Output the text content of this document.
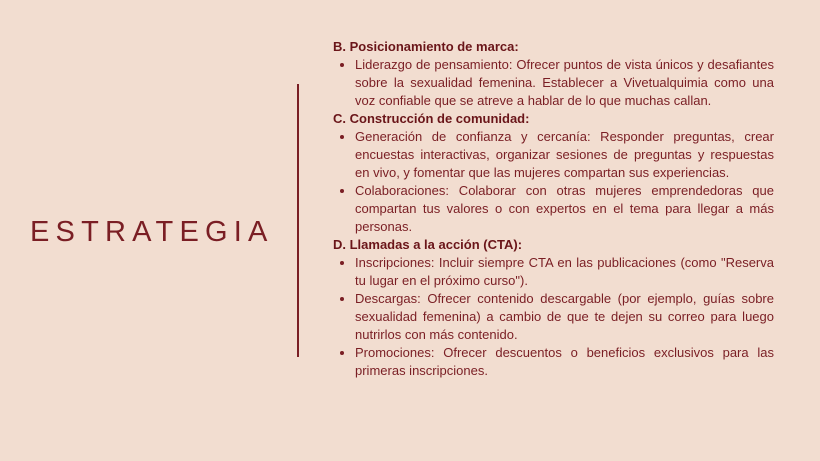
ESTRATEGIA
B. Posicionamiento de marca:
• Liderazgo de pensamiento: Ofrecer puntos de vista únicos y desafiantes sobre la sexualidad femenina. Establecer a Vivetualquimia como una voz confiable que se atreve a hablar de lo que muchas callan.
C. Construcción de comunidad:
• Generación de confianza y cercanía: Responder preguntas, crear encuestas interactivas, organizar sesiones de preguntas y respuestas en vivo, y fomentar que las mujeres compartan sus experiencias.
• Colaboraciones: Colaborar con otras mujeres emprendedoras que compartan tus valores o con expertos en el tema para llegar a más personas.
D. Llamadas a la acción (CTA):
• Inscripciones: Incluir siempre CTA en las publicaciones (como "Reserva tu lugar en el próximo curso").
• Descargas: Ofrecer contenido descargable (por ejemplo, guías sobre sexualidad femenina) a cambio de que te dejen su correo para luego nutrirlos con más contenido.
• Promociones: Ofrecer descuentos o beneficios exclusivos para las primeras inscripciones.
